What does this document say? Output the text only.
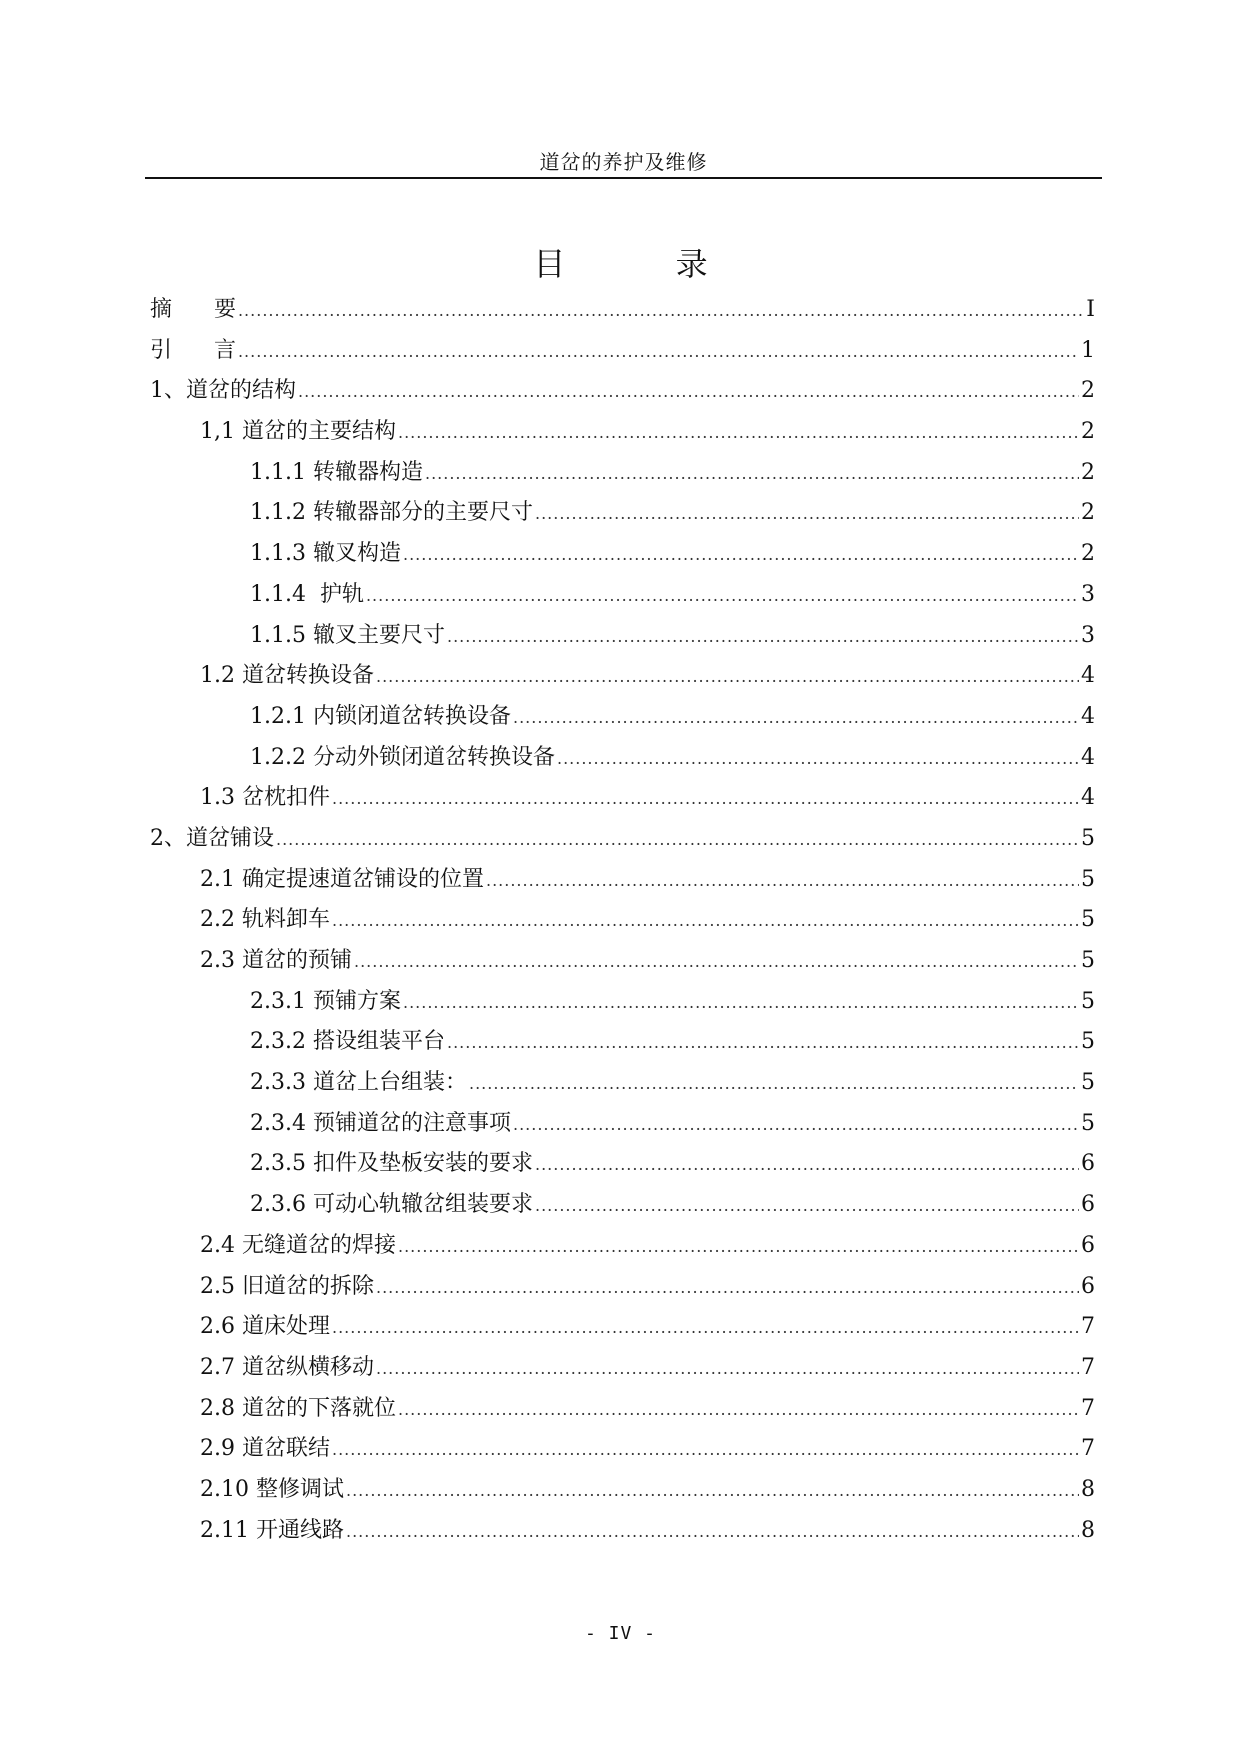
道岔的养护及维修
目 录
摘      要 .....	I
引      言 .....	1
1、道岔的结构 .....	2
1,1 道岔的主要结构 .....	2
1.1.1 转辙器构造 .....	2
1.1.2 转辙器部分的主要尺寸 .....	2
1.1.3 辙叉构造 .....	2
1.1.4  护轨 .....	3
1.1.5 辙叉主要尺寸 .....	3
1.2 道岔转换设备 .....	4
1.2.1 内锁闭道岔转换设备 .....	4
1.2.2 分动外锁闭道岔转换设备 .....	4
1.3 岔枕扣件 .....	4
2、道岔铺设 .....	5
2.1 确定提速道岔铺设的位置 .....	5
2.2 轨料卸车 .....	5
2.3 道岔的预铺 .....	5
2.3.1 预铺方案 .....	5
2.3.2 搭设组装平台 .....	5
2.3.3 道岔上台组装： .....	5
2.3.4 预铺道岔的注意事项 .....	5
2.3.5 扣件及垫板安装的要求 .....	6
2.3.6 可动心轨辙岔组装要求 .....	6
2.4 无缝道岔的焊接 .....	6
2.5 旧道岔的拆除 .....	6
2.6 道床处理 .....	7
2.7 道岔纵横移动 .....	7
2.8 道岔的下落就位 .....	7
2.9 道岔联结 .....	7
2.10 整修调试 .....	8
2.11 开通线路 .....	8
- IV -
